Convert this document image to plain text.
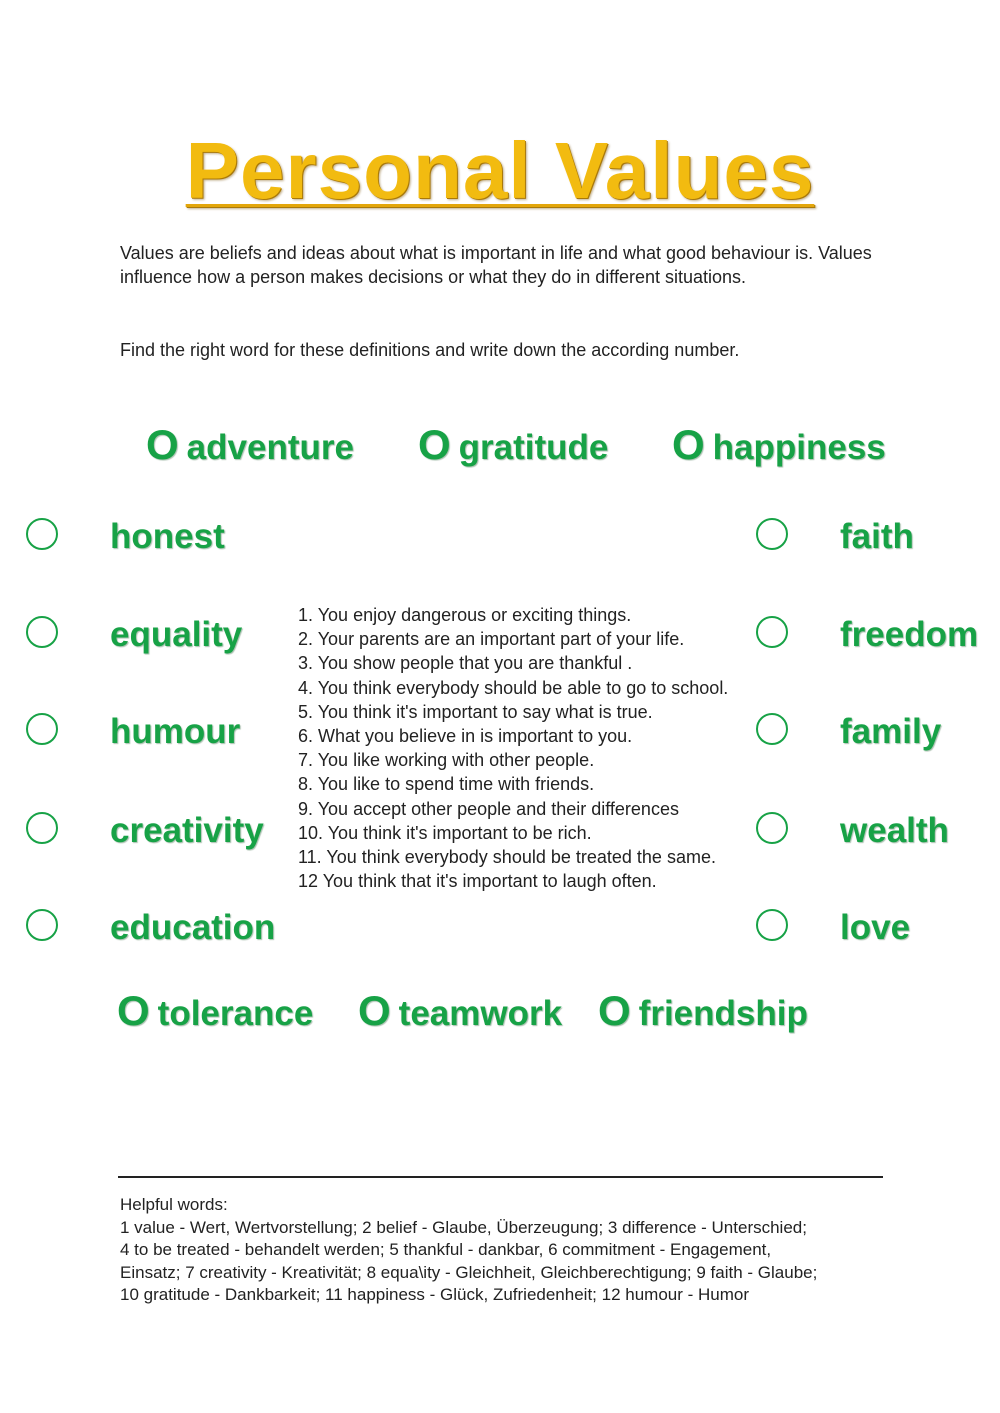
Personal Values

Values are beliefs and ideas about what is important in life and what good behaviour is. Values influence how a person makes decisions or what they do in different situations.

Find the right word for these definitions and write down the according number.

O adventure O gratitude O happiness
honest
equality
humour
creativity
education
faith
freedom
family
wealth
love
1. You enjoy dangerous or exciting things.
2. Your parents are an important part of your life.
3. You show people that you are thankful .
4. You think everybody should be able to go to school.
5. You think it's important to say what is true.
6. What you believe in is important to you.
7. You like working with other people.
8. You like to spend time with friends.
9. You accept other people and their differences
10. You think it's important to be rich.
11. You think everybody should be treated the same.
12 You think that it's important to laugh often.
O tolerance O teamwork O friendship

Helpful words:

1 value - Wert, Wertvorstellung; 2 belief - Glaube, Überzeugung; 3 difference - Unterschied;

4 to be treated - behandelt werden; 5 thankful - dankbar, 6 commitment - Engagement,

Einsatz; 7 creativity - Kreativität; 8 equa\ity - Gleichheit, Gleichberechtigung; 9 faith - Glaube;

10 gratitude - Dankbarkeit; 11 happiness - Glück, Zufriedenheit; 12 humour - Humor
